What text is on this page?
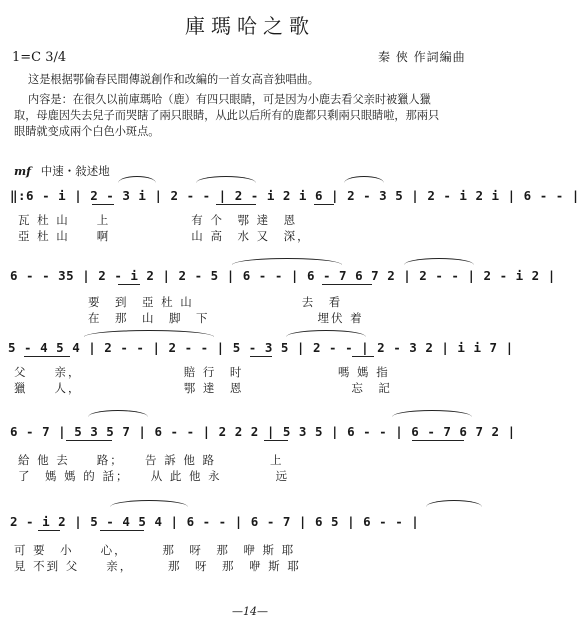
庫瑪哈之歌
1=C 3/4	秦 俠 作詞編曲
这是根据鄂倫春民間傳説創作和改編的一首女高音独唱曲。
内容是：在很久以前庫瑪哈（鹿）有四只眼睛，可是因为小鹿去看父亲时被獵人獵
取，母鹿因失去兒子而哭瞎了兩只眼睛，从此以后所有的鹿都只剩兩只眼睛啦，那兩只
眼睛就变成兩个白色小斑点。
mf 中速・敍述地
‖:6 - i | 2 - 3 i | 2 - - | 2 - i 2 i 6 | 2 - 3 5 | 2 - i 2 i | 6 - - |
瓦 杜 山　　上　　　　　　有 个　鄂 達　恩
亞 杜 山　　啊　　　　　　山 高　水 又　深，
6 - - 35 | 2 - i 2 | 2 - 5 | 6 - - | 6 - 7 6 7 2 | 2 - - | 2 - i 2 |
要　到　亞 杜 山　　　　　　　　去　看
在　那　山　脚　下　　　　　　　　埋伏 着
5 - 4 5 4 | 2 - - | 2 - - | 5 - 3 5 | 2 - - | 2 - 3 2 | i i 7 |
父　　亲，　　　　　　　　賠 行　时　　　　　　　嗎 媽 指
獵　　人，　　　　　　　　鄂 達　恩　　　　　　　　忘　記
6 - 7 | 5 3 5 7 | 6 - - | 2 2 2 | 5 3 5 | 6 - - | 6 - 7 6 7 2 |
給 他 去　　路；　　告 訴 他 路　　　　上
了　媽 媽 的 話；　　从 此 他 永　　　　远
2 - i 2 | 5 - 4 5 4 | 6 - - | 6 - 7 | 6 5 | 6 - - |
可 要　小　　心，　　　那　呀　那　咿 斯 耶
見 不到 父　　亲，　　　那　呀　那　咿 斯 耶
—14—
